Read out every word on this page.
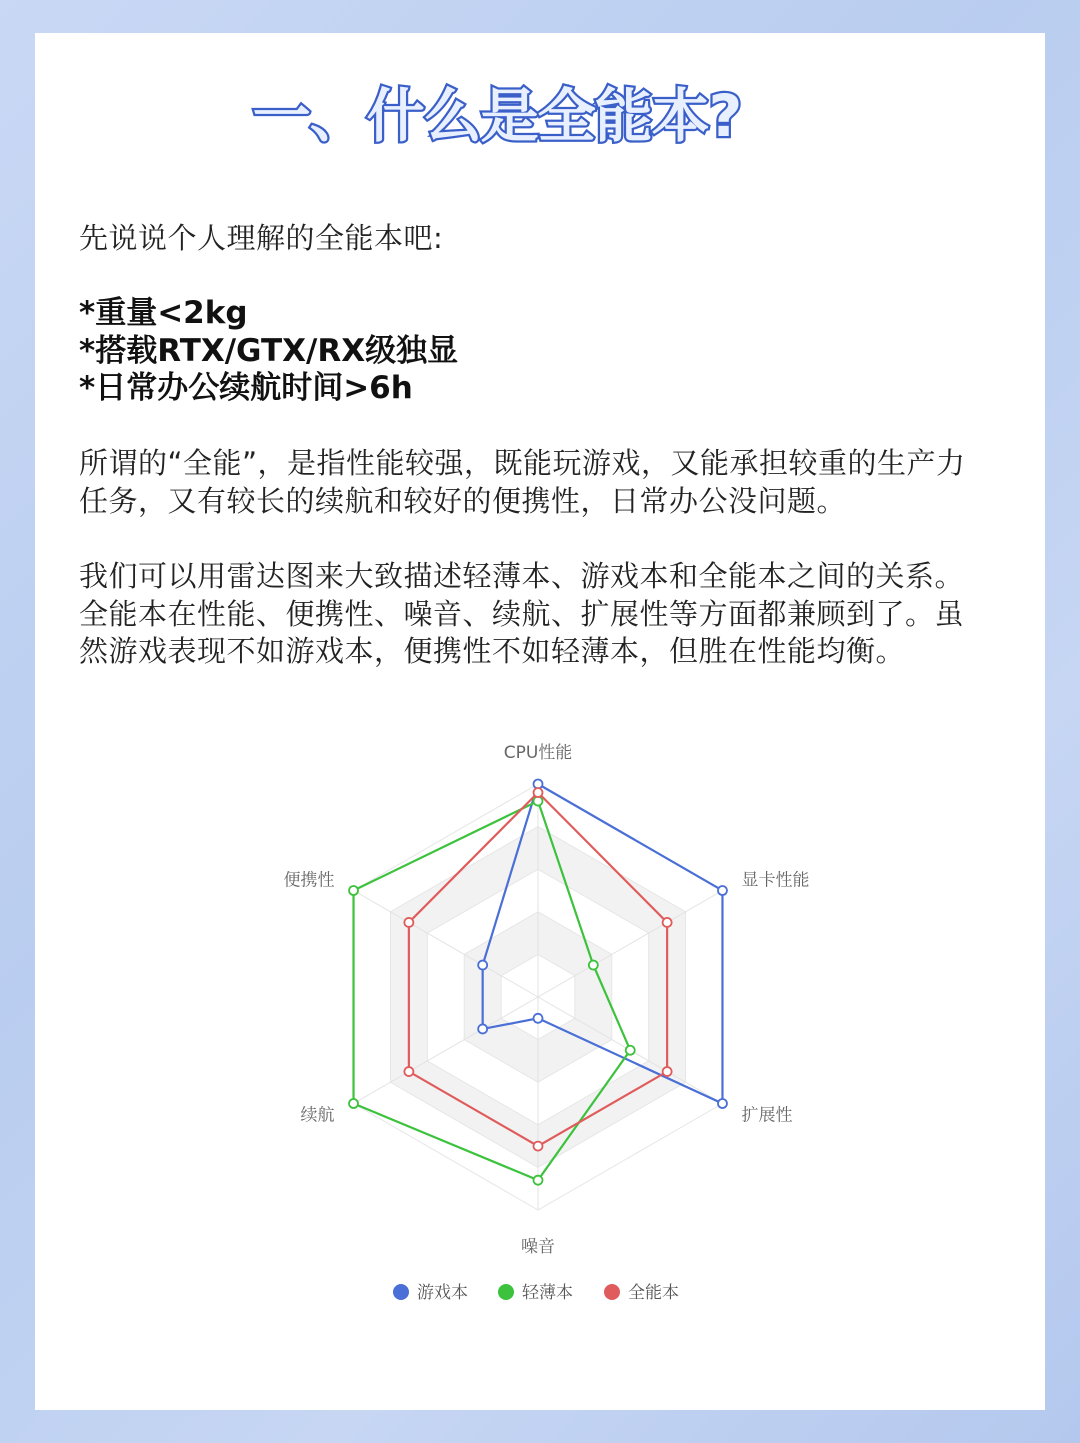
一、什么是全能本?

先说说个人理解的全能本吧:

*重量<2kg
*搭载RTX/GTX/RX级独显
*日常办公续航时间>6h
所谓的“全能”，是指性能较强，既能玩游戏，又能承担较重的生产力
任务，又有较长的续航和较好的便携性，日常办公没问题。
我们可以用雷达图来大致描述轻薄本、游戏本和全能本之间的关系。
全能本在性能、便携性、噪音、续航、扩展性等方面都兼顾到了。虽
然游戏表现不如游戏本，便携性不如轻薄本，但胜在性能均衡。
CPU性能
显卡性能
扩展性
噪音
续航
便携性
游戏本	轻薄本	全能本
